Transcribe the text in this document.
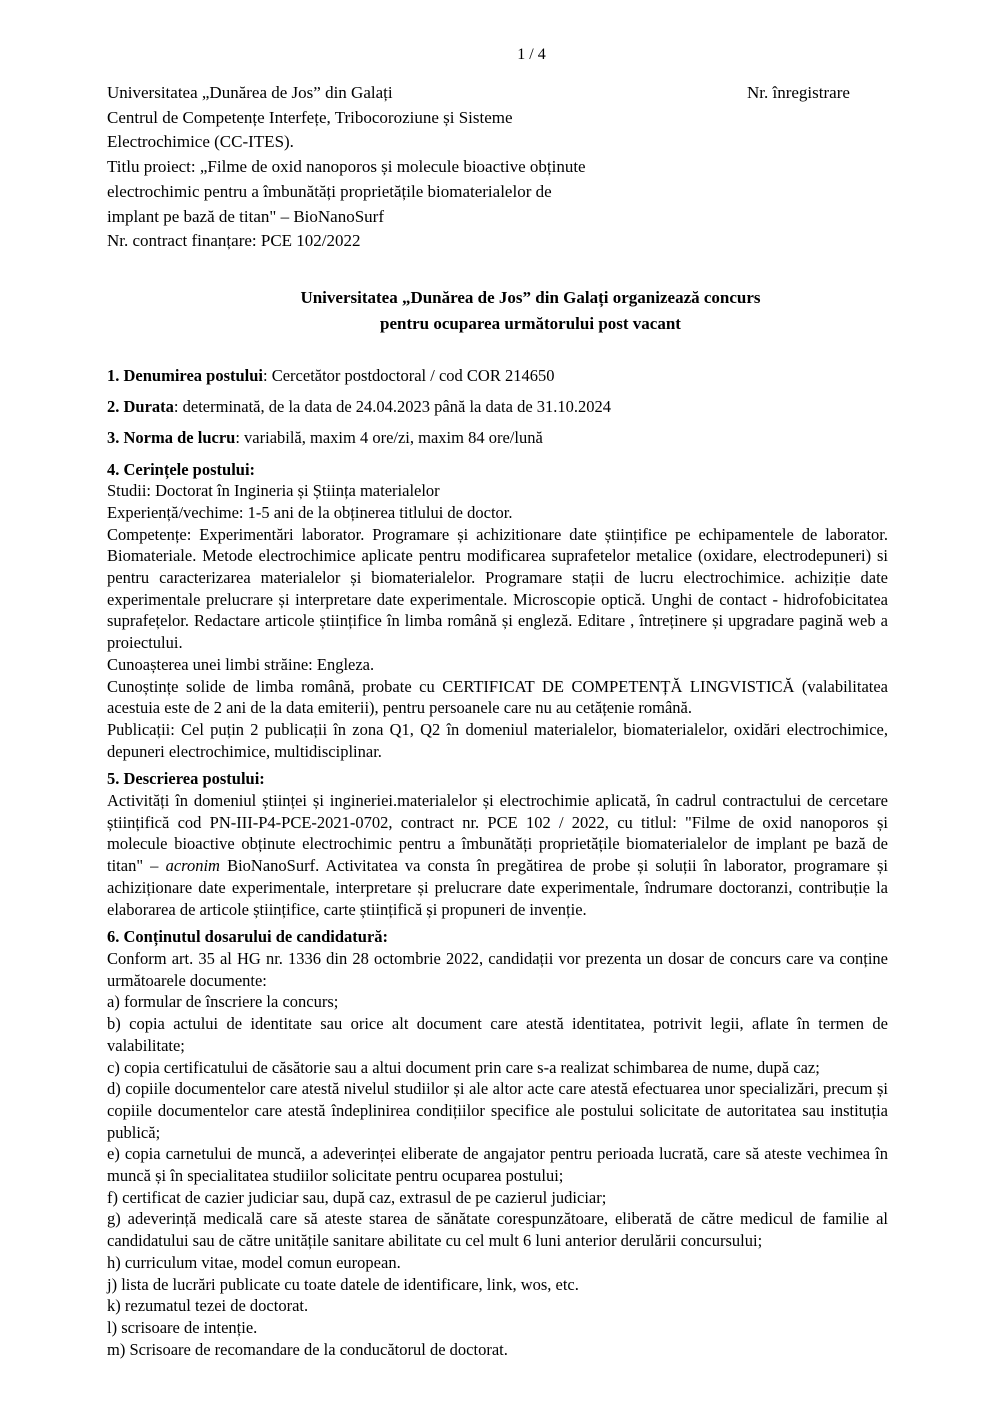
1 / 4

Universitatea „Dunărea de Jos” din Galați	Nr. înregistrare

Centrul de Competențe Interfețe, Tribocoroziune și Sisteme

Electrochimice (CC-ITES).

Titlu proiect: „Filme de oxid nanoporos și molecule bioactive obținute

electrochimic pentru a îmbunătăți proprietățile biomaterialelor de

implant pe bază de titan" – BioNanoSurf

Nr. contract finanțare: PCE 102/2022

Universitatea „Dunărea de Jos” din Galați organizează concurs

pentru ocuparea următorului post vacant

1. Denumirea postului: Cercetător postdoctoral / cod COR 214650

2. Durata: determinată, de la data de 24.04.2023 până la data de 31.10.2024

3. Norma de lucru: variabilă, maxim 4 ore/zi, maxim 84 ore/lună

4. Cerințele postului:

Studii: Doctorat în Ingineria și Știința materialelor

Experiență/vechime: 1-5 ani de la obținerea titlului de doctor.

Competențe: Experimentări laborator. Programare și achizitionare date științifice pe echipamentele de laborator. Biomateriale. Metode electrochimice aplicate pentru modificarea suprafetelor metalice (oxidare, electrodepuneri) si pentru caracterizarea materialelor și biomaterialelor. Programare stații de lucru electrochimice. achiziție date experimentale prelucrare și interpretare date experimentale. Microscopie optică. Unghi de contact - hidrofobicitatea suprafețelor. Redactare articole științifice în limba română și engleză. Editare , întreținere și upgradare pagină web a proiectului.

Cunoașterea unei limbi străine: Engleza.

Cunoștințe solide de limba română, probate cu CERTIFICAT DE COMPETENȚĂ LINGVISTICĂ (valabilitatea acestuia este de 2 ani de la data emiterii), pentru persoanele care nu au cetățenie română.

Publicații: Cel puțin 2 publicații în zona Q1, Q2 în domeniul materialelor, biomaterialelor, oxidări electrochimice, depuneri electrochimice, multidisciplinar.

5. Descrierea postului:

Activități în domeniul științei și ingineriei.materialelor și electrochimie aplicată, în cadrul contractului de cercetare științifică cod PN-III-P4-PCE-2021-0702, contract nr. PCE 102 / 2022, cu titlul: "Filme de oxid nanoporos și molecule bioactive obținute electrochimic pentru a îmbunătăți proprietățile biomaterialelor de implant pe bază de titan" – acronim BioNanoSurf. Activitatea va consta în pregătirea de probe și soluții în laborator, programare și achiziționare date experimentale, interpretare și prelucrare date experimentale, îndrumare doctoranzi, contribuție la elaborarea de articole științifice, carte științifică și propuneri de invenție.

6. Conținutul dosarului de candidatură:

Conform art. 35 al HG nr. 1336 din 28 octombrie 2022, candidații vor prezenta un dosar de concurs care va conține următoarele documente:

a) formular de înscriere la concurs;

b) copia actului de identitate sau orice alt document care atestă identitatea, potrivit legii, aflate în termen de valabilitate;

c) copia certificatului de căsătorie sau a altui document prin care s-a realizat schimbarea de nume, după caz;

d) copiile documentelor care atestă nivelul studiilor și ale altor acte care atestă efectuarea unor specializări, precum și copiile documentelor care atestă îndeplinirea condițiilor specifice ale postului solicitate de autoritatea sau instituția publică;

e) copia carnetului de muncă, a adeverinței eliberate de angajator pentru perioada lucrată, care să ateste vechimea în muncă și în specialitatea studiilor solicitate pentru ocuparea postului;

f) certificat de cazier judiciar sau, după caz, extrasul de pe cazierul judiciar;

g) adeverință medicală care să ateste starea de sănătate corespunzătoare, eliberată de către medicul de familie al candidatului sau de către unitățile sanitare abilitate cu cel mult 6 luni anterior derulării concursului;

h) curriculum vitae, model comun european.

j) lista de lucrări publicate cu toate datele de identificare, link, wos, etc.

k) rezumatul tezei de doctorat.

l) scrisoare de intenție.

m) Scrisoare de recomandare de la conducătorul de doctorat.
